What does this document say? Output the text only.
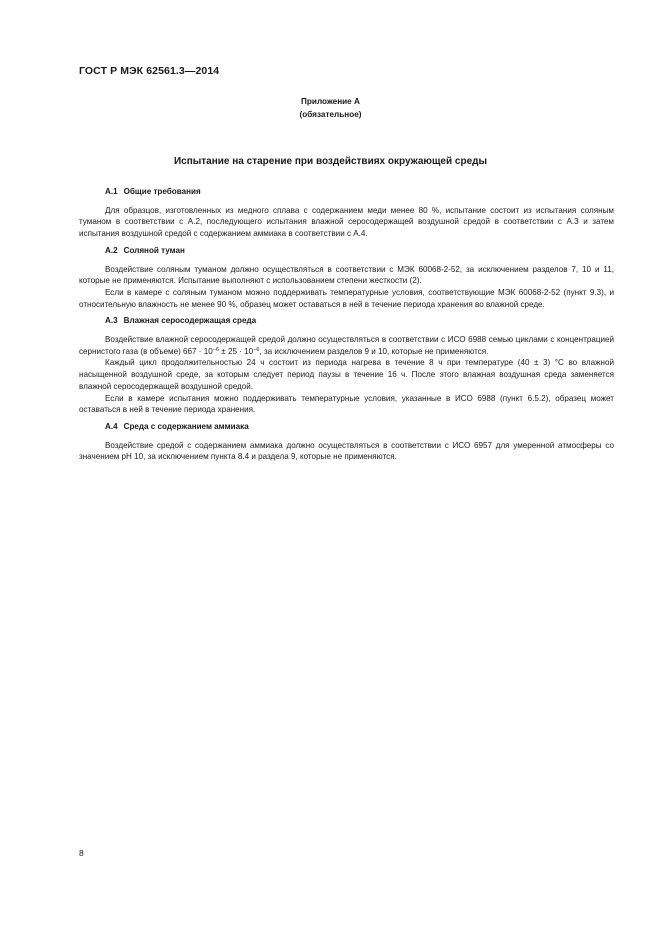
ГОСТ Р МЭК 62561.3—2014
Приложение А
(обязательное)
Испытание на старение при воздействиях окружающей среды
А.1 Общие требования

Для образцов, изготовленных из медного сплава с содержанием меди менее 80 %, испытание состоит из испытания соляным туманом в соответствии с А.2, последующего испытания влажной серосодержащей воздушной средой в соответствии с А.3 и затем испытания воздушной средой с содержанием аммиака в соответствии с А.4.

А.2 Соляной туман

Воздействие соляным туманом должно осуществляться в соответствии с МЭК 60068-2-52, за исключением разделов 7, 10 и 11, которые не применяются. Испытание выполняют с использованием степени жесткости (2).

Если в камере с соляным туманом можно поддерживать температурные условия, соответствующие МЭК 60068-2-52 (пункт 9.3), и относительную влажность не менее 90 %, образец может оставаться в ней в течение периода хранения во влажной среде.

А.3 Влажная серосодержащая среда

Воздействие влажной серосодержащей средой должно осуществляться в соответствии с ИСО 6988 семью циклами с концентрацией сернистого газа (в объеме) $667 \cdot 10^{-6} \pm 25 \cdot 10^{-6}$, за исключением разделов 9 и 10, которые не применяются.

Каждый цикл продолжительностью 24 ч состоит из периода нагрева в течение 8 ч при температуре (40 ± 3) °C во влажной насыщенной воздушной среде, за которым следует период паузы в течение 16 ч. После этого влажная воздушная среда заменяется влажной серосодержащей воздушной средой.

Если в камере испытания можно поддерживать температурные условия, указанные в ИСО 6988 (пункт 6.5.2), образец может оставаться в ней в течение периода хранения.

А.4 Среда с содержанием аммиака

Воздействие средой с содержанием аммиака должно осуществляться в соответствии с ИСО 6957 для умеренной атмосферы со значением pH 10, за исключением пункта 8.4 и раздела 9, которые не применяются.

8
